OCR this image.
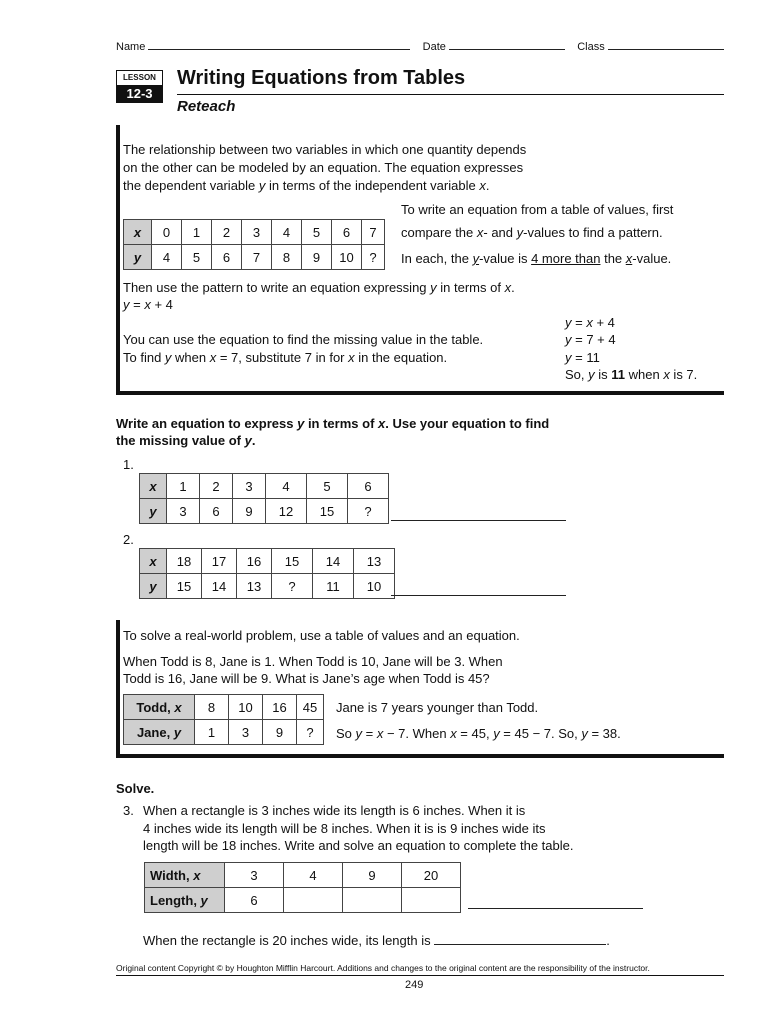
Name	Date	Class
LESSON
12-3
Writing Equations from Tables
Reteach
The relationship between two variables in which one quantity depends
on the other can be modeled by an equation. The equation expresses
the dependent variable y in terms of the independent variable x.
x	0	1	2	3	4	5	6	7
y	4	5	6	7	8	9	10	?
To write an equation from a table of values, first
compare the x- and y-values to find a pattern.
In each, the y-value is 4 more than the x-value.
Then use the pattern to write an equation expressing y in terms of x.
y = x + 4
You can use the equation to find the missing value in the table.
To find y when x = 7, substitute 7 in for x in the equation.
y = x + 4
y = 7 + 4
y = 11
So, y is 11 when x is 7.
Write an equation to express y in terms of x. Use your equation to find
the missing value of y.
1.
x	1	2	3	4	5	6
y	3	6	9	12	15	?
2.
x	18	17	16	15	14	13
y	15	14	13	?	11	10
To solve a real-world problem, use a table of values and an equation.
When Todd is 8, Jane is 1. When Todd is 10, Jane will be 3. When
Todd is 16, Jane will be 9. What is Jane’s age when Todd is 45?
Todd, x	8	10	16	45
Jane, y	1	3	9	?
Jane is 7 years younger than Todd.
So y = x − 7. When x = 45, y = 45 − 7. So, y = 38.
Solve.
3. When a rectangle is 3 inches wide its length is 6 inches. When it is
4 inches wide its length will be 8 inches. When it is is 9 inches wide its
length will be 18 inches. Write and solve an equation to complete the table.
Width, x	3	4	9	20
Length, y	6			
When the rectangle is 20 inches wide, its length is	.
Original content Copyright © by Houghton Mifflin Harcourt. Additions and changes to the original content are the responsibility of the instructor.
249
